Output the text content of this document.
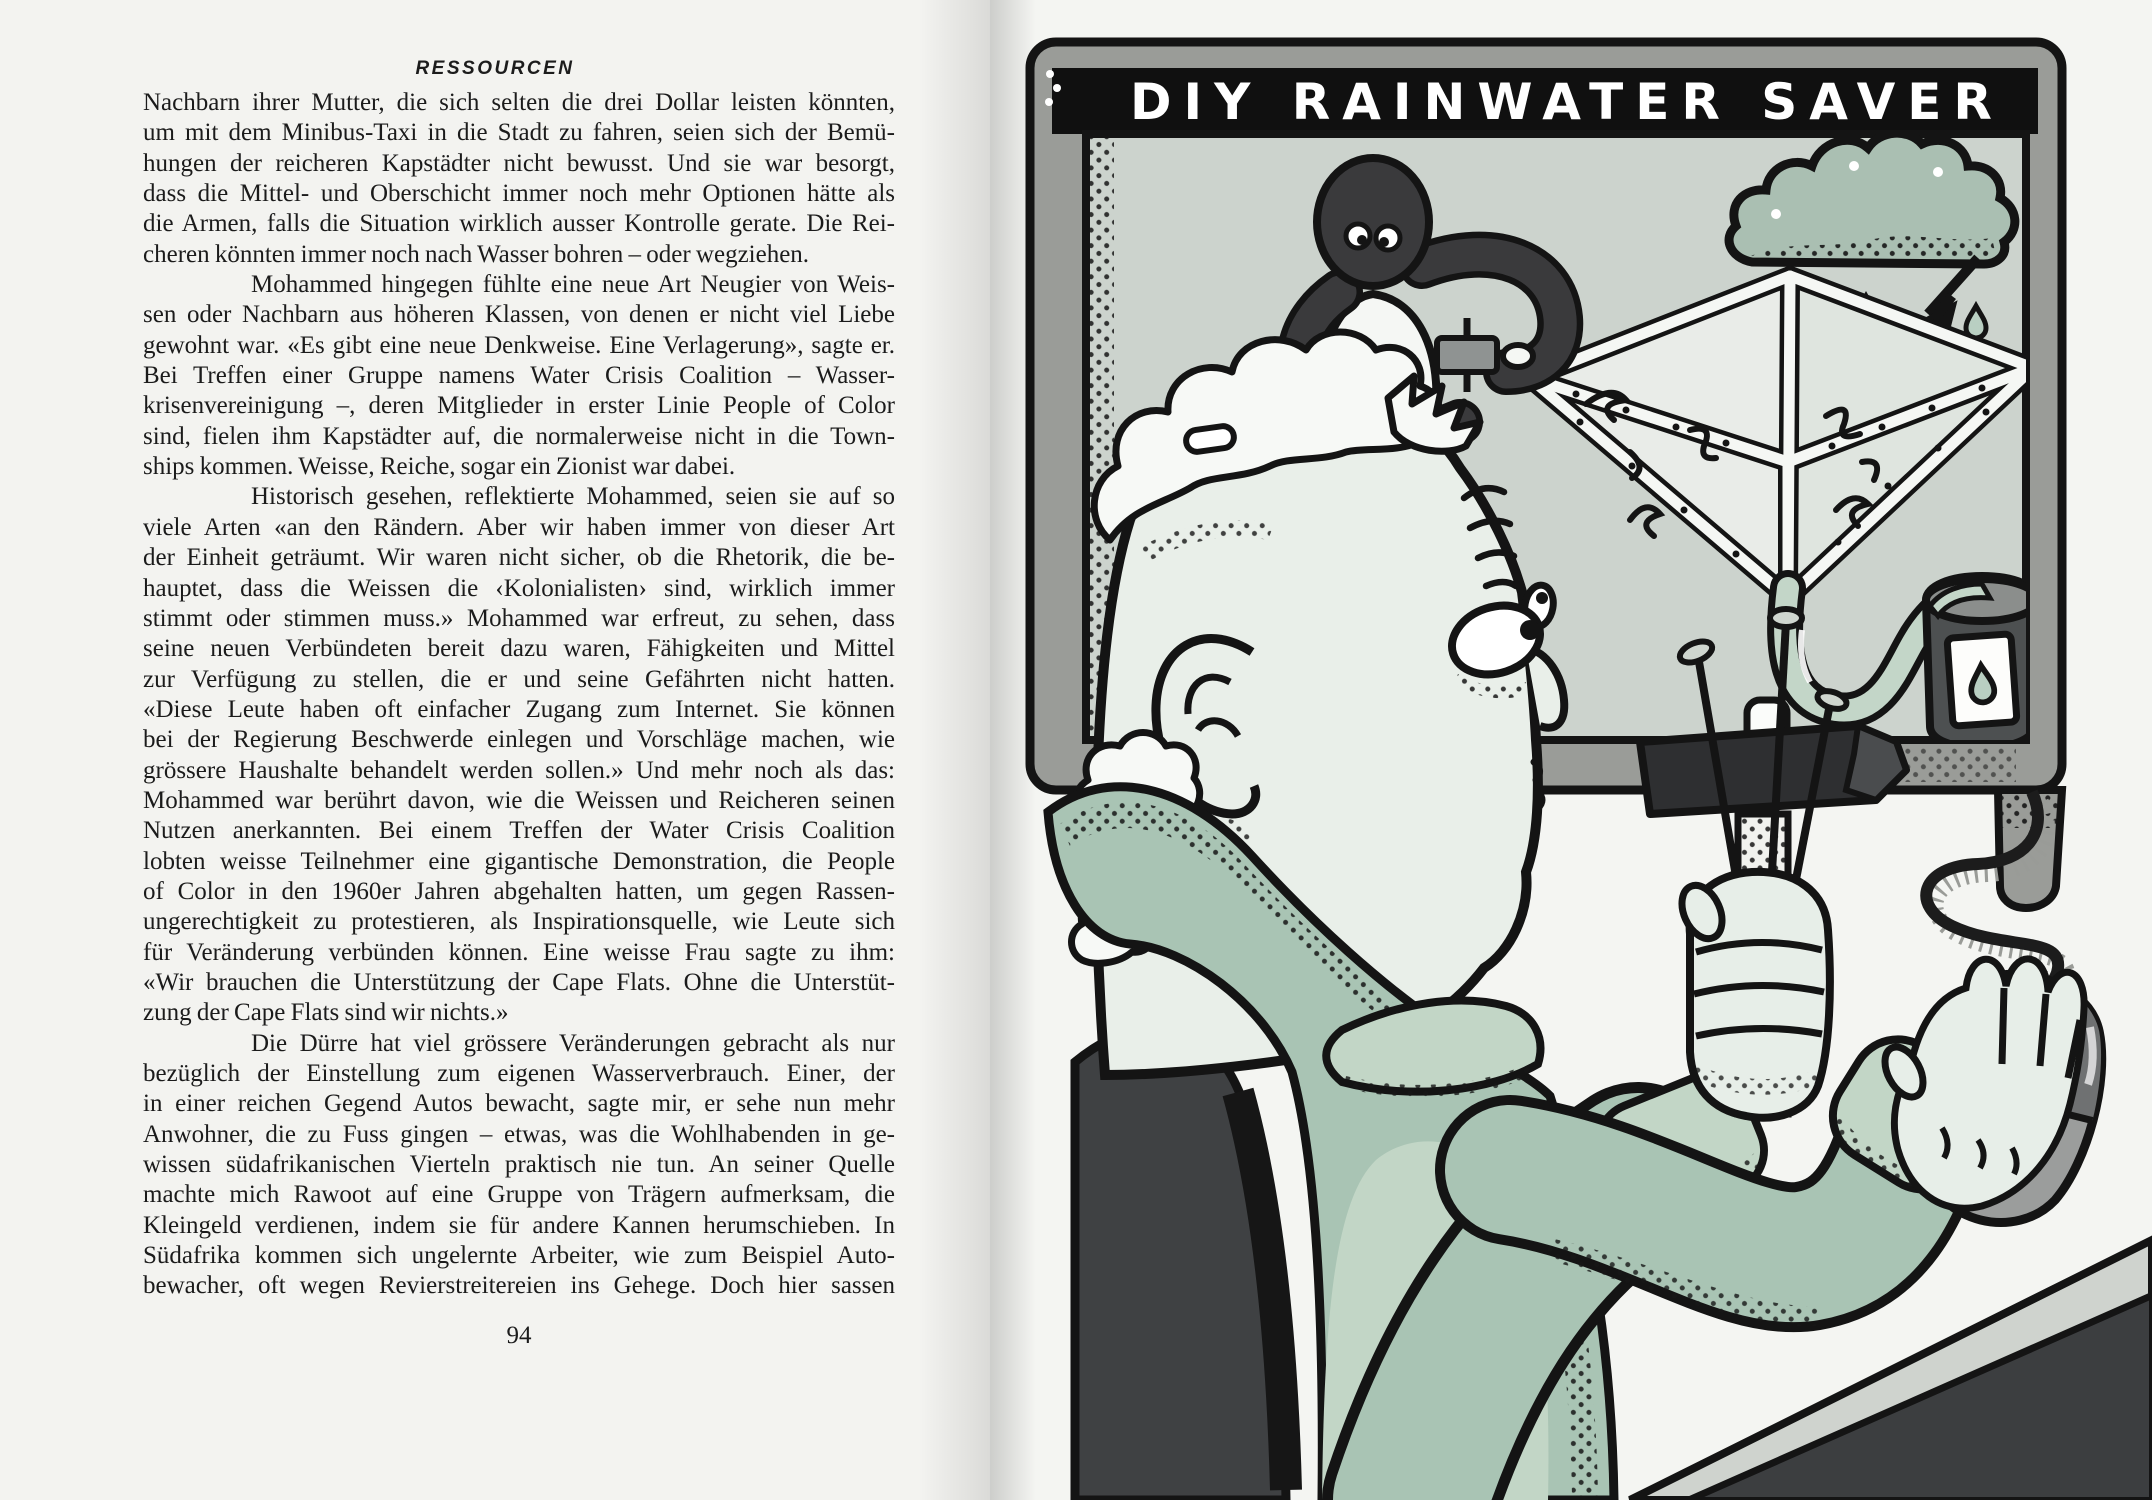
RESSOURCEN
Nachbarn ihrer Mutter, die sich selten die drei Dollar leisten könnten,
um mit dem Minibus-Taxi in die Stadt zu fahren, seien sich der Bemü-
hungen der reicheren Kapstädter nicht bewusst. Und sie war besorgt,
dass die Mittel- und Oberschicht immer noch mehr Optionen hätte als
die Armen, falls die Situation wirklich ausser Kontrolle gerate. Die Rei-
cheren könnten immer noch nach Wasser bohren – oder wegziehen.
Mohammed hingegen fühlte eine neue Art Neugier von Weis-
sen oder Nachbarn aus höheren Klassen, von denen er nicht viel Liebe
gewohnt war. «Es gibt eine neue Denkweise. Eine Verlagerung», sagte er.
Bei Treffen einer Gruppe namens Water Crisis Coalition – Wasser-
krisenvereinigung –, deren Mitglieder in erster Linie People of Color
sind, fielen ihm Kapstädter auf, die normalerweise nicht in die Town-
ships kommen. Weisse, Reiche, sogar ein Zionist war dabei.
Historisch gesehen, reflektierte Mohammed, seien sie auf so
viele Arten «an den Rändern. Aber wir haben immer von dieser Art
der Einheit geträumt. Wir waren nicht sicher, ob die Rhetorik, die be-
hauptet, dass die Weissen die ‹Kolonialisten› sind, wirklich immer
stimmt oder stimmen muss.» Mohammed war erfreut, zu sehen, dass
seine neuen Verbündeten bereit dazu waren, Fähigkeiten und Mittel
zur Verfügung zu stellen, die er und seine Gefährten nicht hatten.
«Diese Leute haben oft einfacher Zugang zum Internet. Sie können
bei der Regierung Beschwerde einlegen und Vorschläge machen, wie
grössere Haushalte behandelt werden sollen.» Und mehr noch als das:
Mohammed war berührt davon, wie die Weissen und Reicheren seinen
Nutzen anerkannten. Bei einem Treffen der Water Crisis Coalition
lobten weisse Teilnehmer eine gigantische Demonstration, die People
of Color in den 1960er Jahren abgehalten hatten, um gegen Rassen-
ungerechtigkeit zu protestieren, als Inspirationsquelle, wie Leute sich
für Veränderung verbünden können. Eine weisse Frau sagte zu ihm:
«Wir brauchen die Unterstützung der Cape Flats. Ohne die Unterstüt-
zung der Cape Flats sind wir nichts.»
Die Dürre hat viel grössere Veränderungen gebracht als nur
bezüglich der Einstellung zum eigenen Wasserverbrauch. Einer, der
in einer reichen Gegend Autos bewacht, sagte mir, er sehe nun mehr
Anwohner, die zu Fuss gingen – etwas, was die Wohlhabenden in ge-
wissen südafrikanischen Vierteln praktisch nie tun. An seiner Quelle
machte mich Rawoot auf eine Gruppe von Trägern aufmerksam, die
Kleingeld verdienen, indem sie für andere Kannen herumschieben. In
Südafrika kommen sich ungelernte Arbeiter, wie zum Beispiel Auto-
bewacher, oft wegen Revierstreitereien ins Gehege. Doch hier sassen
94
DIY RAINWATER SAVER
